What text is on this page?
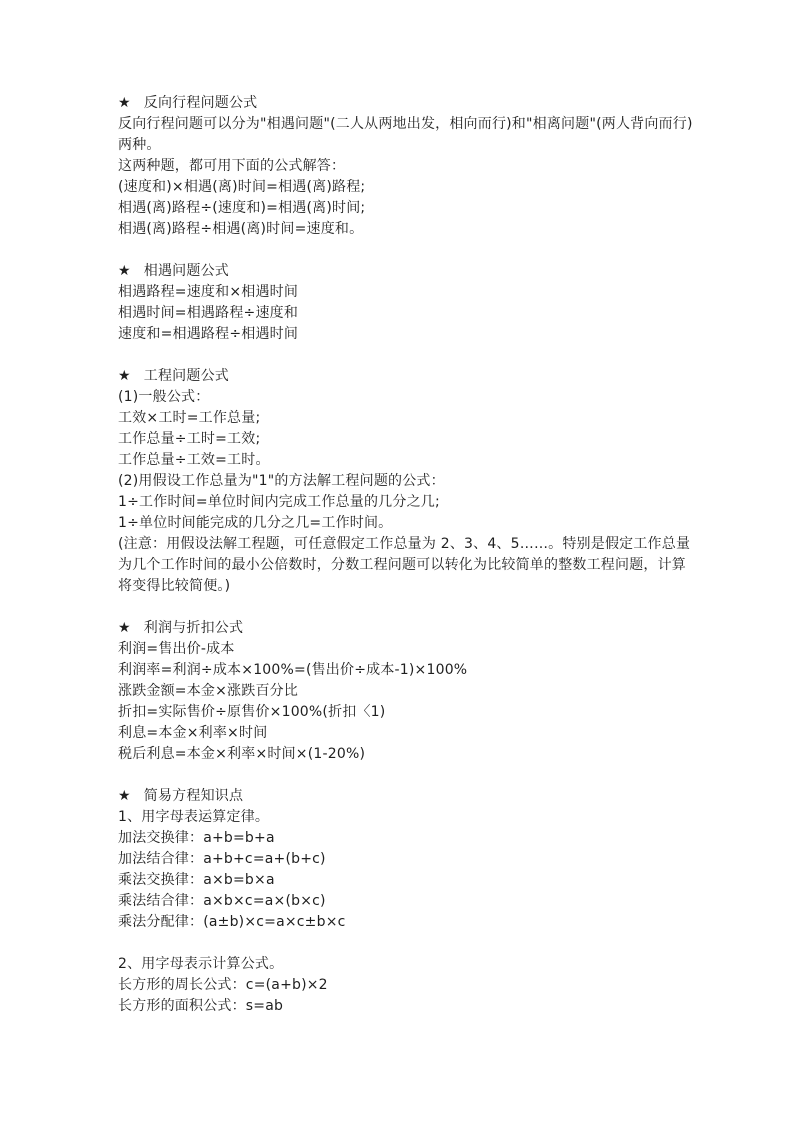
★ 反向行程问题公式
反向行程问题可以分为"相遇问题"(二人从两地出发，相向而行)和"相离问题"(两人背向而行)
两种。
这两种题，都可用下面的公式解答：
(速度和)×相遇(离)时间=相遇(离)路程;
相遇(离)路程÷(速度和)=相遇(离)时间;
相遇(离)路程÷相遇(离)时间=速度和。
★ 相遇问题公式
相遇路程=速度和×相遇时间
相遇时间=相遇路程÷速度和
速度和=相遇路程÷相遇时间
★ 工程问题公式
(1)一般公式：
工效×工时=工作总量;
工作总量÷工时=工效;
工作总量÷工效=工时。
(2)用假设工作总量为"1"的方法解工程问题的公式：
1÷工作时间=单位时间内完成工作总量的几分之几;
1÷单位时间能完成的几分之几=工作时间。
(注意：用假设法解工程题，可任意假定工作总量为 2、3、4、5……。特别是假定工作总量
为几个工作时间的最小公倍数时，分数工程问题可以转化为比较简单的整数工程问题，计算
将变得比较简便。)
★ 利润与折扣公式
利润=售出价-成本
利润率=利润÷成本×100%=(售出价÷成本-1)×100%
涨跌金额=本金×涨跌百分比
折扣=实际售价÷原售价×100%(折扣〈1)
利息=本金×利率×时间
税后利息=本金×利率×时间×(1-20%)
★ 简易方程知识点
1、用字母表运算定律。
加法交换律：a+b=b+a
加法结合律：a+b+c=a+(b+c)
乘法交换律：a×b=b×a
乘法结合律：a×b×c=a×(b×c)
乘法分配律：(a±b)×c=a×c±b×c
2、用字母表示计算公式。
长方形的周长公式：c=(a+b)×2
长方形的面积公式：s=ab
